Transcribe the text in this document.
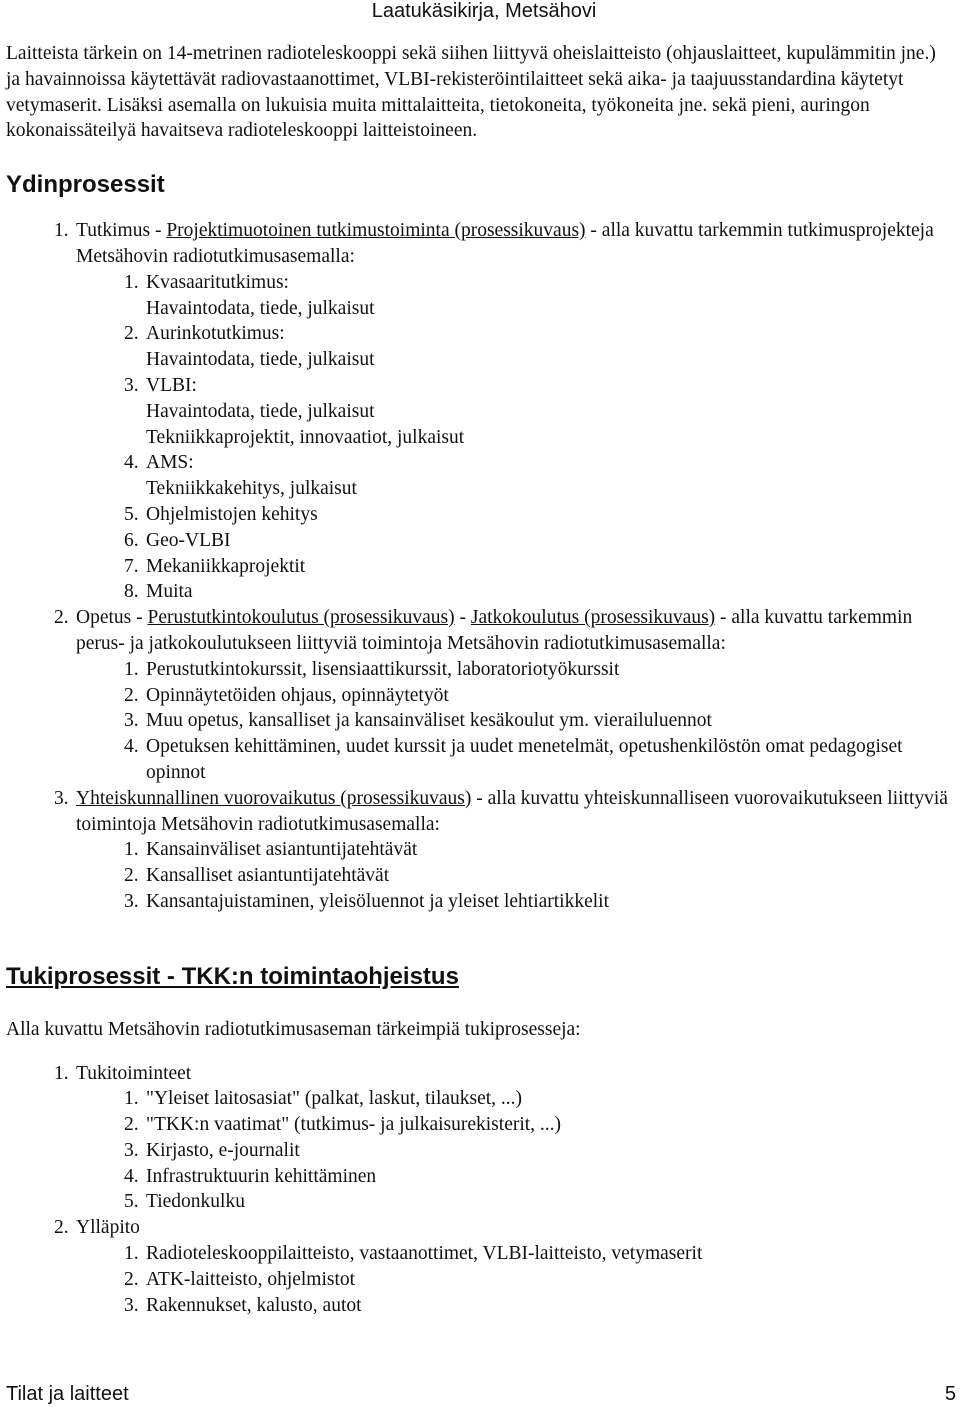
Laatukäsikirja, Metsähovi

Laitteista tärkein on 14-metrinen radioteleskooppi sekä siihen liittyvä oheislaitteisto (ohjauslaitteet, kupulämmitin jne.) ja havainnoissa käytettävät radiovastaanottimet, VLBI-rekisteröintilaitteet sekä aika- ja taajuusstandardina käytetyt vetymaserit. Lisäksi asemalla on lukuisia muita mittalaitteita, tietokoneita, työkoneita jne. sekä pieni, auringon kokonaissäteilyä havaitseva radioteleskooppi laitteistoineen.

Ydinprosessit
1. Tutkimus - Projektimuotoinen tutkimustoiminta (prosessikuvaus) - alla kuvattu tarkemmin tutkimusprojekteja Metsähovin radiotutkimusasemalla:
1. Kvasaaritutkimus:
Havaintodata, tiede, julkaisut
2. Aurinkotutkimus:
Havaintodata, tiede, julkaisut
3. VLBI:
Havaintodata, tiede, julkaisut
Tekniikkaprojektit, innovaatiot, julkaisut
4. AMS:
Tekniikkakehitys, julkaisut
5. Ohjelmistojen kehitys
6. Geo-VLBI
7. Mekaniikkaprojektit
8. Muita
2. Opetus - Perustutkintokoulutus (prosessikuvaus) - Jatkokoulutus (prosessikuvaus) - alla kuvattu tarkemmin perus- ja jatkokoulutukseen liittyviä toimintoja Metsähovin radiotutkimusasemalla:
1. Perustutkintokurssit, lisensiaattikurssit, laboratoriotyökurssit
2. Opinnäytetöiden ohjaus, opinnäytetyöt
3. Muu opetus, kansalliset ja kansainväliset kesäkoulut ym. vierailuluennot
4. Opetuksen kehittäminen, uudet kurssit ja uudet menetelmät, opetushenkilöstön omat pedagogiset opinnot
3. Yhteiskunnallinen vuorovaikutus (prosessikuvaus) - alla kuvattu yhteiskunnalliseen vuorovaikutukseen liittyviä toimintoja Metsähovin radiotutkimusasemalla:
1. Kansainväliset asiantuntijatehtävät
2. Kansalliset asiantuntijatehtävät
3. Kansantajuistaminen, yleisöluennot ja yleiset lehtiartikkelit
Tukiprosessit - TKK:n toimintaohjeistus

Alla kuvattu Metsähovin radiotutkimusaseman tärkeimpiä tukiprosesseja:

1. Tukitoiminteet
1. "Yleiset laitosasiat" (palkat, laskut, tilaukset, ...)
2. "TKK:n vaatimat" (tutkimus- ja julkaisurekisterit, ...)
3. Kirjasto, e-journalit
4. Infrastruktuurin kehittäminen
5. Tiedonkulku
2. Ylläpito
1. Radioteleskooppilaitteisto, vastaanottimet, VLBI-laitteisto, vetymaserit
2. ATK-laitteisto, ohjelmistot
3. Rakennukset, kalusto, autot
Tilat ja laitteet	5
